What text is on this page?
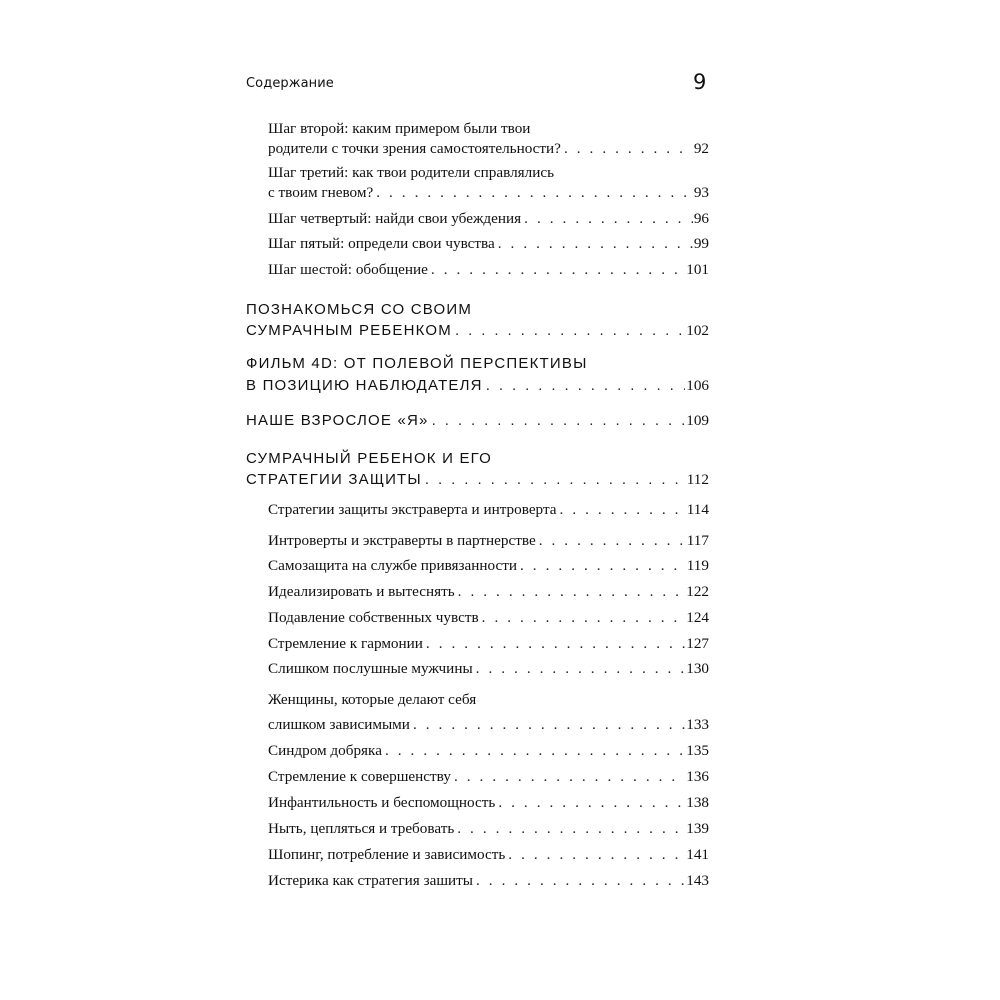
Содержание	9
Шаг второй: каким примером были твои
родители с точки зрения самостоятельности? . . .	92
Шаг третий: как твои родители справлялись
с твоим гневом? . . .	93
Шаг четвертый: найди свои убеждения . . .	96
Шаг пятый: определи свои чувства . . .	99
Шаг шестой: обобщение . . .	101
ПОЗНАКОМЬСЯ СО СВОИМ
СУМРАЧНЫМ РЕБЕНКОМ . . .	102
ФИЛЬМ 4D: ОТ ПОЛЕВОЙ ПЕРСПЕКТИВЫ
В ПОЗИЦИЮ НАБЛЮДАТЕЛЯ . . .	106
НАШЕ ВЗРОСЛОЕ «Я» . . .	109
СУМРАЧНЫЙ РЕБЕНОК И ЕГО
СТРАТЕГИИ ЗАЩИТЫ . . .	112
Стратегии защиты экстраверта и интроверта . . .	114
Интроверты и экстраверты в партнерстве . . .	117
Самозащита на службе привязанности . . .	119
Идеализировать и вытеснять . . .	122
Подавление собственных чувств . . .	124
Стремление к гармонии . . .	127
Слишком послушные мужчины . . .	130
Женщины, которые делают себя
слишком зависимыми . . .	133
Синдром добряка . . .	135
Стремление к совершенству . . .	136
Инфантильность и беспомощность . . .	138
Ныть, цепляться и требовать . . .	139
Шопинг, потребление и зависимость . . .	141
Истерика как стратегия зашиты . . .	143
